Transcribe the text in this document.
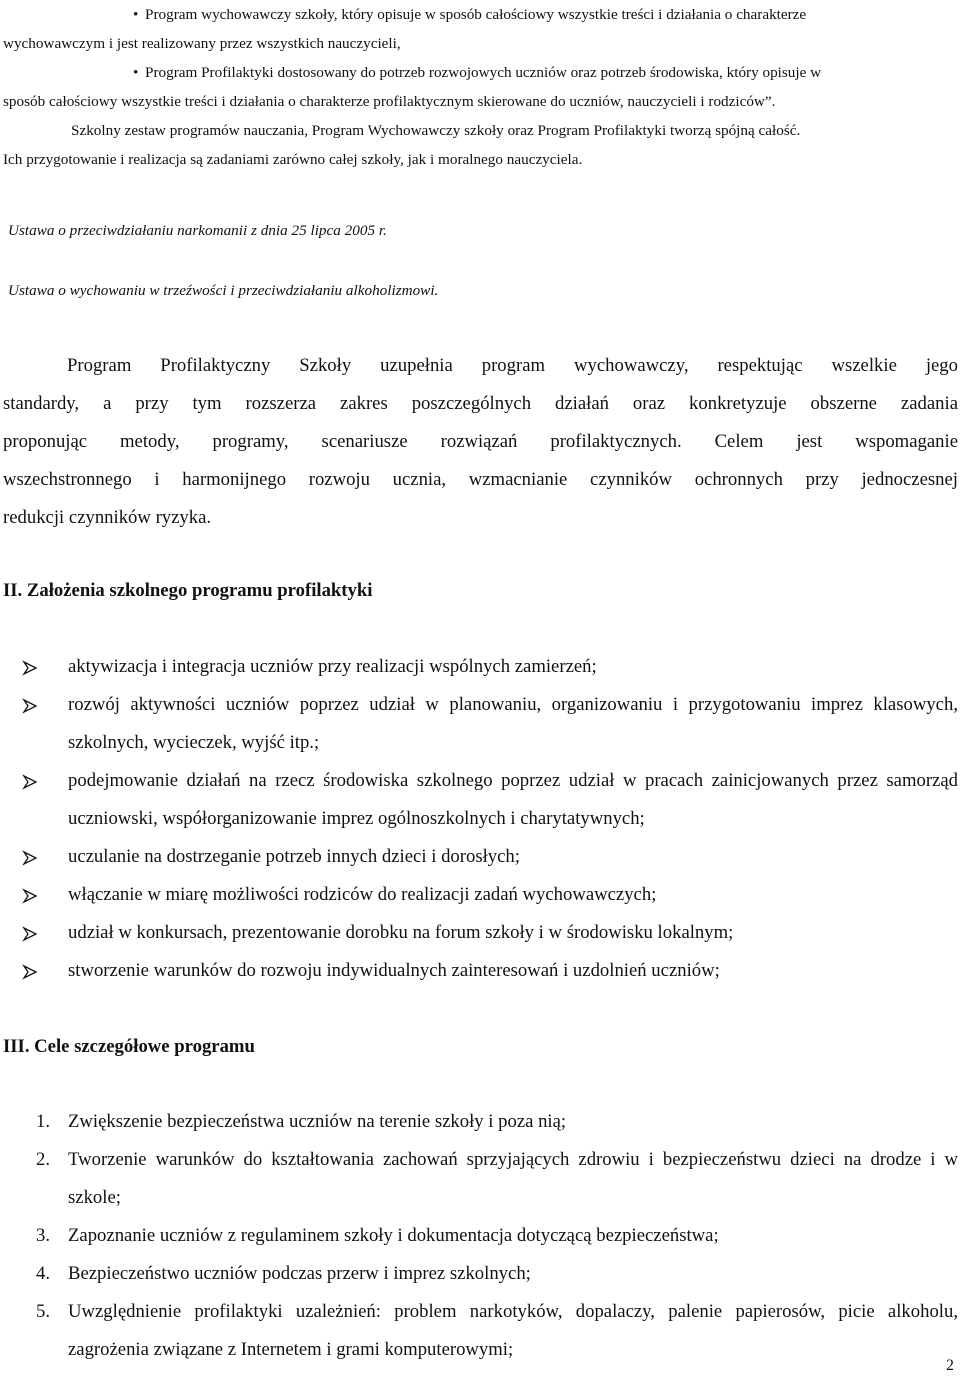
• Program wychowawczy szkoły, który opisuje w sposób całościowy wszystkie treści i działania o charakterze
wychowawczym i jest realizowany przez wszystkich nauczycieli,
• Program Profilaktyki dostosowany do potrzeb rozwojowych uczniów oraz potrzeb środowiska, który opisuje w
sposób całościowy wszystkie treści i działania o charakterze profilaktycznym skierowane do uczniów, nauczycieli i rodziców”.
Szkolny zestaw programów nauczania, Program Wychowawczy szkoły oraz Program Profilaktyki tworzą spójną całość.
Ich przygotowanie i realizacja są zadaniami zarówno całej szkoły, jak i moralnego nauczyciela.
Ustawa o przeciwdziałaniu narkomanii z dnia 25 lipca 2005 r.
Ustawa o wychowaniu w trzeźwości i przeciwdziałaniu alkoholizmowi.
Program Profilaktyczny Szkoły uzupełnia program wychowawczy, respektując wszelkie jego
standardy, a przy tym rozszerza zakres poszczególnych działań oraz konkretyzuje obszerne zadania
proponując metody, programy, scenariusze rozwiązań profilaktycznych. Celem jest wspomaganie
wszechstronnego i harmonijnego rozwoju ucznia, wzmacnianie czynników ochronnych przy jednoczesnej
redukcji czynników ryzyka.
II. Założenia szkolnego programu profilaktyki
aktywizacja i integracja uczniów przy realizacji wspólnych zamierzeń;
rozwój aktywności uczniów poprzez udział w planowaniu, organizowaniu i przygotowaniu imprez klasowych, szkolnych, wycieczek, wyjść itp.;
podejmowanie działań na rzecz środowiska szkolnego poprzez udział w pracach zainicjowanych przez samorząd uczniowski, współorganizowanie imprez ogólnoszkolnych i charytatywnych;
uczulanie na dostrzeganie potrzeb innych dzieci i dorosłych;
włączanie w miarę możliwości rodziców do realizacji zadań wychowawczych;
udział w konkursach, prezentowanie dorobku na forum szkoły i w środowisku lokalnym;
stworzenie warunków do rozwoju indywidualnych zainteresowań i uzdolnień uczniów;
III. Cele szczegółowe programu
1. Zwiększenie bezpieczeństwa uczniów na terenie szkoły i poza nią;
2. Tworzenie warunków do kształtowania zachowań sprzyjających zdrowiu i bezpieczeństwu dzieci na drodze i w szkole;
3. Zapoznanie uczniów z regulaminem szkoły i dokumentacja dotyczącą bezpieczeństwa;
4. Bezpieczeństwo uczniów podczas przerw i imprez szkolnych;
5. Uwzględnienie profilaktyki uzależnień: problem narkotyków, dopalaczy, palenie papierosów, picie alkoholu, zagrożenia związane z Internetem i grami komputerowymi;
2
